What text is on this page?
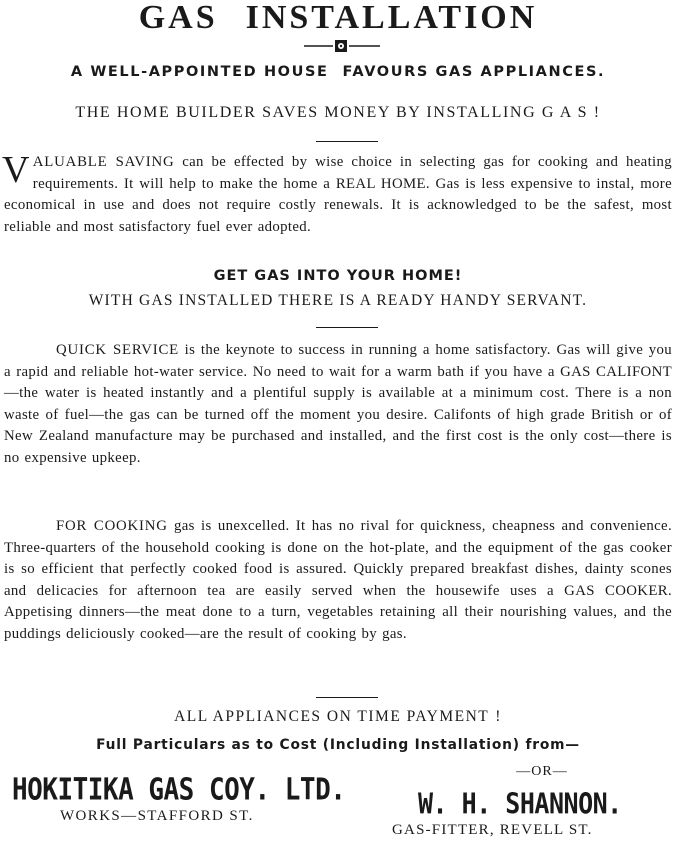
GAS INSTALLATION
A WELL-APPOINTED HOUSE FAVOURS GAS APPLIANCES.
THE HOME BUILDER SAVES MONEY BY INSTALLING G A S !
VALUABLE SAVING can be effected by wise choice in selecting gas for cooking and heating requirements. It will help to make the home a REAL HOME. Gas is less expensive to instal, more economical in use and does not require costly renewals. It is acknowledged to be the safest, most reliable and most satisfactory fuel ever adopted.
GET GAS INTO YOUR HOME!
WITH GAS INSTALLED THERE IS A READY HANDY SERVANT.
QUICK SERVICE is the keynote to success in running a home satisfactory. Gas will give you a rapid and reliable hot-water service. No need to wait for a warm bath if you have a GAS CALIFONT—the water is heated instantly and a plentiful supply is available at a minimum cost. There is a non waste of fuel—the gas can be turned off the moment you desire. Califonts of high grade British or of New Zealand manufacture may be purchased and installed, and the first cost is the only cost—there is no expensive upkeep.
FOR COOKING gas is unexcelled. It has no rival for quickness, cheapness and convenience. Three-quarters of the household cooking is done on the hot-plate, and the equipment of the gas cooker is so efficient that perfectly cooked food is assured. Quickly prepared breakfast dishes, dainty scones and delicacies for afternoon tea are easily served when the housewife uses a GAS COOKER. Appetising dinners—the meat done to a turn, vegetables retaining all their nourishing values, and the puddings deliciously cooked—are the result of cooking by gas.
ALL APPLIANCES ON TIME PAYMENT !
Full Particulars as to Cost (Including Installation) from—
HOKITIKA GAS COY. LTD.
WORKS—STAFFORD ST.
—OR—
W. H. SHANNON.
GAS-FITTER, REVELL ST.
